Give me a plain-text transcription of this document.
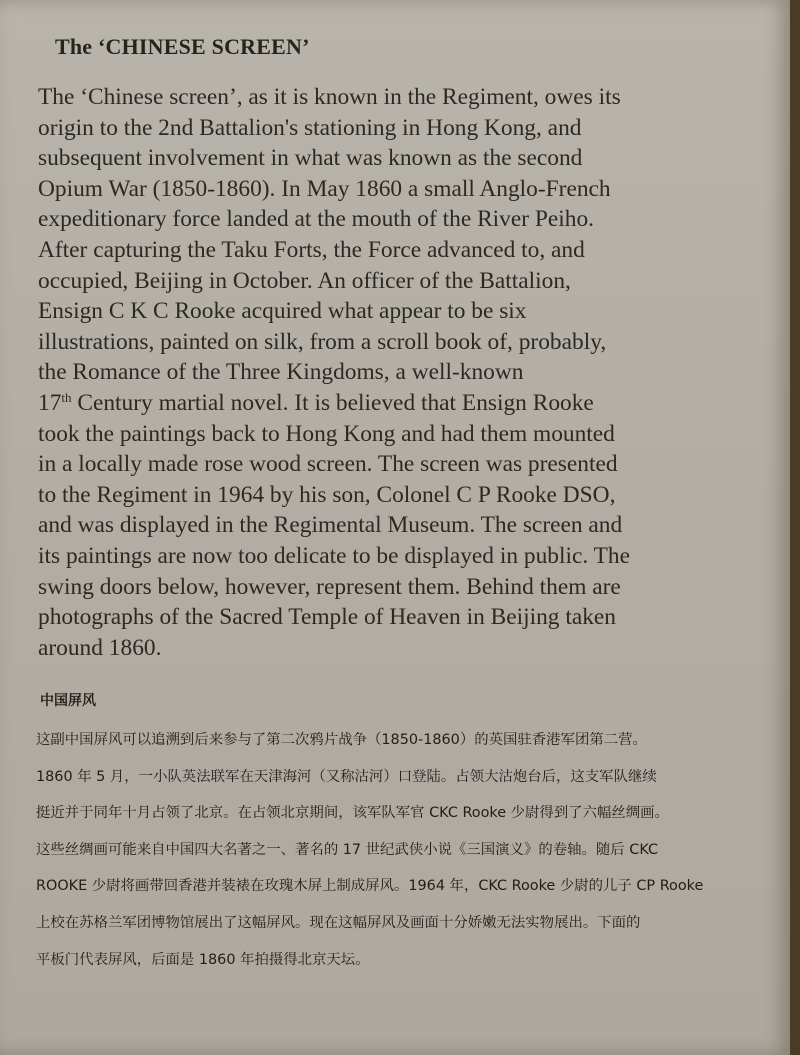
The ‘CHINESE SCREEN’
The ‘Chinese screen’, as it is known in the Regiment, owes its
origin to the 2nd Battalion's stationing in Hong Kong, and
subsequent involvement in what was known as the second
Opium War (1850-1860). In May 1860 a small Anglo-French
expeditionary force landed at the mouth of the River Peiho.
After capturing the Taku Forts, the Force advanced to, and
occupied, Beijing in October. An officer of the Battalion,
Ensign C K C Rooke acquired what appear to be six
illustrations, painted on silk, from a scroll book of, probably,
the Romance of the Three Kingdoms, a well-known
17th Century martial novel. It is believed that Ensign Rooke
took the paintings back to Hong Kong and had them mounted
in a locally made rose wood screen. The screen was presented
to the Regiment in 1964 by his son, Colonel C P Rooke DSO,
and was displayed in the Regimental Museum. The screen and
its paintings are now too delicate to be displayed in public. The
swing doors below, however, represent them. Behind them are
photographs of the Sacred Temple of Heaven in Beijing taken
around 1860.
中国屏风
这副中国屏风可以追溯到后来参与了第二次鸦片战争（1850-1860）的英国驻香港军团第二营。
1860 年 5 月，一小队英法联军在天津海河（又称沽河）口登陆。占领大沽炮台后，这支军队继续
挺近并于同年十月占领了北京。在占领北京期间，该军队军官 CKC Rooke 少尉得到了六幅丝绸画。
这些丝绸画可能来自中国四大名著之一、著名的 17 世纪武侠小说《三国演义》的卷轴。随后 CKC
ROOKE 少尉将画带回香港并装裱在玫瑰木屏上制成屏风。1964 年，CKC Rooke 少尉的儿子 CP Rooke
上校在苏格兰军团博物馆展出了这幅屏风。现在这幅屏风及画面十分娇嫩无法实物展出。下面的
平板门代表屏风，后面是 1860 年拍摄得北京天坛。
